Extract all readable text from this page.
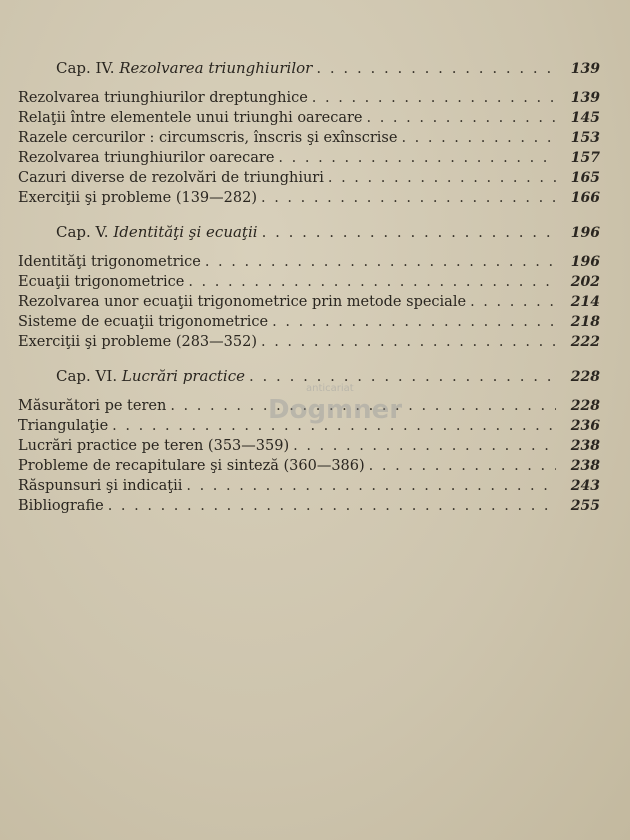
Cap. IV. Rezolvarea triunghiurilor . . .	139
Rezolvarea triunghiurilor dreptunghice . . .	139
Relaţii între elementele unui triunghi oarecare . . .	145
Razele cercurilor : circumscris, înscris şi exînscrise . . .	153
Rezolvarea triunghiurilor oarecare . . .	157
Cazuri diverse de rezolvări de triunghiuri . . .	165
Exerciţii şi probleme (139—282) . . .	166
Cap. V. Identităţi şi ecuaţii . . .	196
Identităţi trigonometrice . . .	196
Ecuaţii trigonometrice . . .	202
Rezolvarea unor ecuaţii trigonometrice prin metode speciale . . .	214
Sisteme de ecuaţii trigonometrice . . .	218
Exerciţii şi probleme (283—352) . . .	222
Cap. VI. Lucrări practice . . .	228
Măsurători pe teren . . .	228
Triangulaţie . . .	236
Lucrări practice pe teren (353—359) . . .	238
Probleme de recapitulare şi sinteză (360—386) . . .	238
Răspunsuri şi indicaţii . . .	243
Bibliografie . . .	255
anticariat
Dogmner
